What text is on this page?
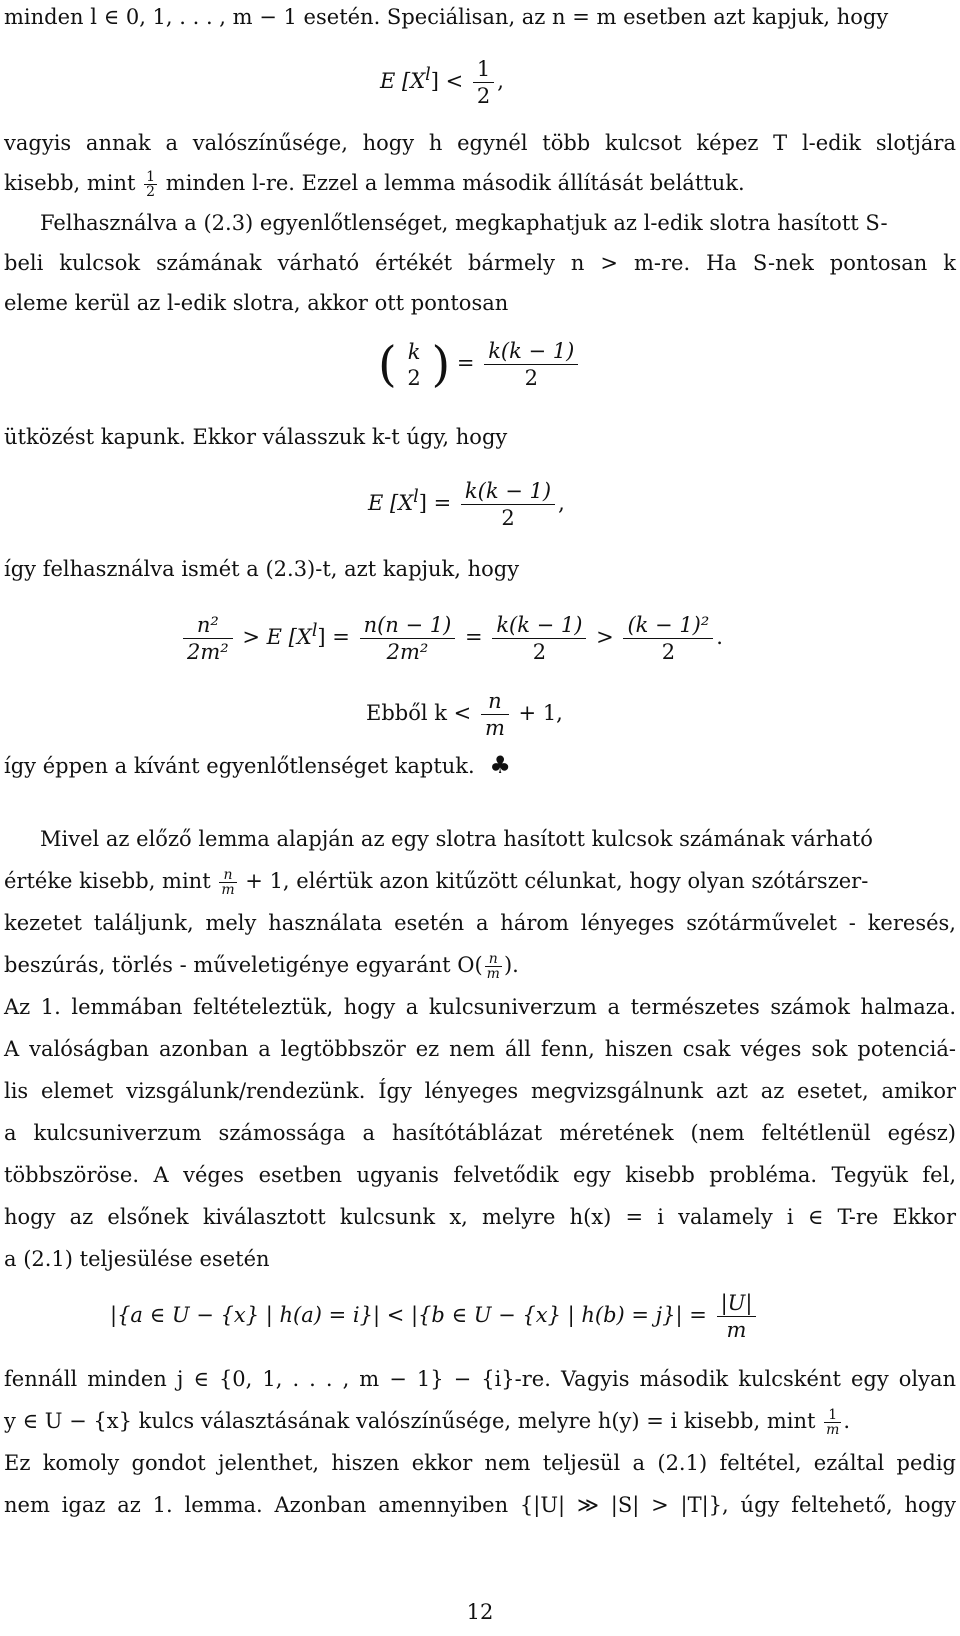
minden l ∈ 0, 1, . . . , m − 1 esetén. Speciálisan, az n = m esetben azt kapjuk, hogy
E $[X^l] < \frac{1}{2}$ ,
vagyis annak a valószínűsége, hogy h egynél több kulcsot képez T l-edik slotjára
kisebb, mint $\frac{1}{2}$ minden l-re. Ezzel a lemma második állítását beláttuk.
Felhasználva a (2.3) egyenlőtlenséget, megkaphatjuk az l-edik slotra hasított S-
beli kulcsok számának várható értékét bármely n > m-re. Ha S-nek pontosan k
eleme kerül az l-edik slotra, akkor ott pontosan
( k
2 ) = $\frac{k(k - 1)}{2}$
ütközést kapunk. Ekkor válasszuk k-t úgy, hogy
E $[X^l] = \frac{k(k - 1)}{2}$ ,
így felhasználva ismét a (2.3)-t, azt kapjuk, hogy
$\frac{\text{n²}}{\text{2m²}} > E$ $[X^l] = \frac{n(n - 1)}{\text{2m²}} = \frac{k(k - 1)}{2} > \frac{\text{(k − 1)²}}{2}$ .
Ebből $k < \frac{n}{m} + 1$,
így éppen a kívánt egyenlőtlenséget kaptuk. ♣
Mivel az előző lemma alapján az egy slotra hasított kulcsok számának várható
értéke kisebb, mint $\frac{n}{m} + 1$, elértük azon kitűzött célunkat, hogy olyan szótárszer-
kezetet találjunk, mely használata esetén a három lényeges szótárművelet - keresés,
beszúrás, törlés - műveletigénye egyaránt $O( \frac{n}{m}$ ).
Az 1. lemmában feltételeztük, hogy a kulcsuniverzum a természetes számok halmaza.
A valóságban azonban a legtöbbször ez nem áll fenn, hiszen csak véges sok potenciá-
lis elemet vizsgálunk/rendezünk. Így lényeges megvizsgálnunk azt az esetet, amikor
a kulcsuniverzum számossága a hasítótáblázat méretének (nem feltétlenül egész)
többszöröse. A véges esetben ugyanis felvetődik egy kisebb probléma. Tegyük fel,
hogy az elsőnek kiválasztott kulcsunk x, melyre h(x) = i valamely i ∈ T-re Ekkor
a (2.1) teljesülése esetén
|{a ∈ U − {x} | h(a) = i}| < |{b ∈ U − {x} | $h(b) = j\}| = \frac{|U|}{m}$
fennáll minden j ∈ {0, 1, . . . , m − 1} − {i}-re. Vagyis második kulcsként egy olyan
y ∈ U − {x} kulcs választásának valószínűsége, melyre h(y) = i kisebb, mint $\frac{1}{m}$ .
Ez komoly gondot jelenthet, hiszen ekkor nem teljesül a (2.1) feltétel, ezáltal pedig
nem igaz az 1. lemma. Azonban amennyiben {|U| ≫ |S| > |T|}, úgy feltehető, hogy
12
